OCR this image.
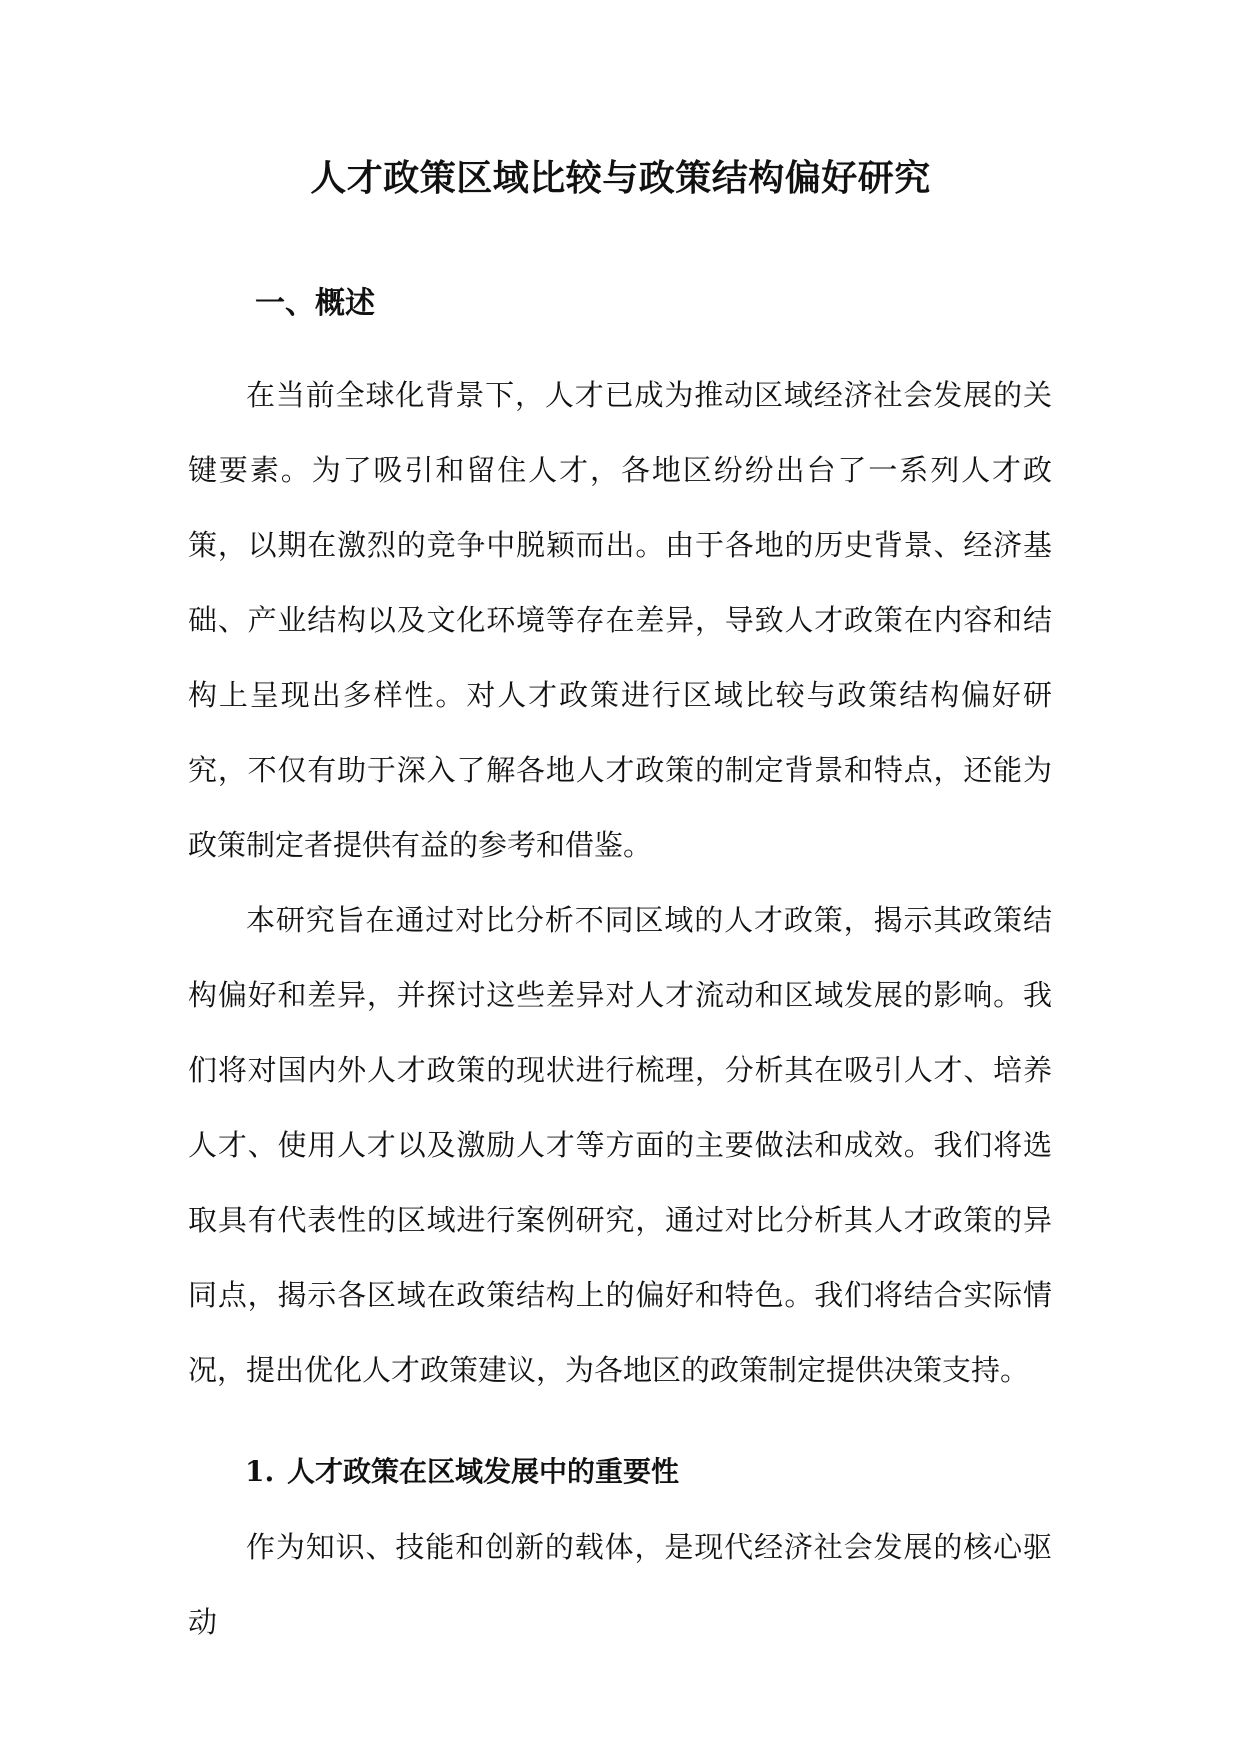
人才政策区域比较与政策结构偏好研究
一、概述
在当前全球化背景下，人才已成为推动区域经济社会发展的关键要素。为了吸引和留住人才，各地区纷纷出台了一系列人才政策，以期在激烈的竞争中脱颖而出。由于各地的历史背景、经济基础、产业结构以及文化环境等存在差异，导致人才政策在内容和结构上呈现出多样性。对人才政策进行区域比较与政策结构偏好研究，不仅有助于深入了解各地人才政策的制定背景和特点，还能为政策制定者提供有益的参考和借鉴。
本研究旨在通过对比分析不同区域的人才政策，揭示其政策结构偏好和差异，并探讨这些差异对人才流动和区域发展的影响。我们将对国内外人才政策的现状进行梳理，分析其在吸引人才、培养人才、使用人才以及激励人才等方面的主要做法和成效。我们将选取具有代表性的区域进行案例研究，通过对比分析其人才政策的异同点，揭示各区域在政策结构上的偏好和特色。我们将结合实际情况，提出优化人才政策建议，为各地区的政策制定提供决策支持。
1. 人才政策在区域发展中的重要性
作为知识、技能和创新的载体，是现代经济社会发展的核心驱动
